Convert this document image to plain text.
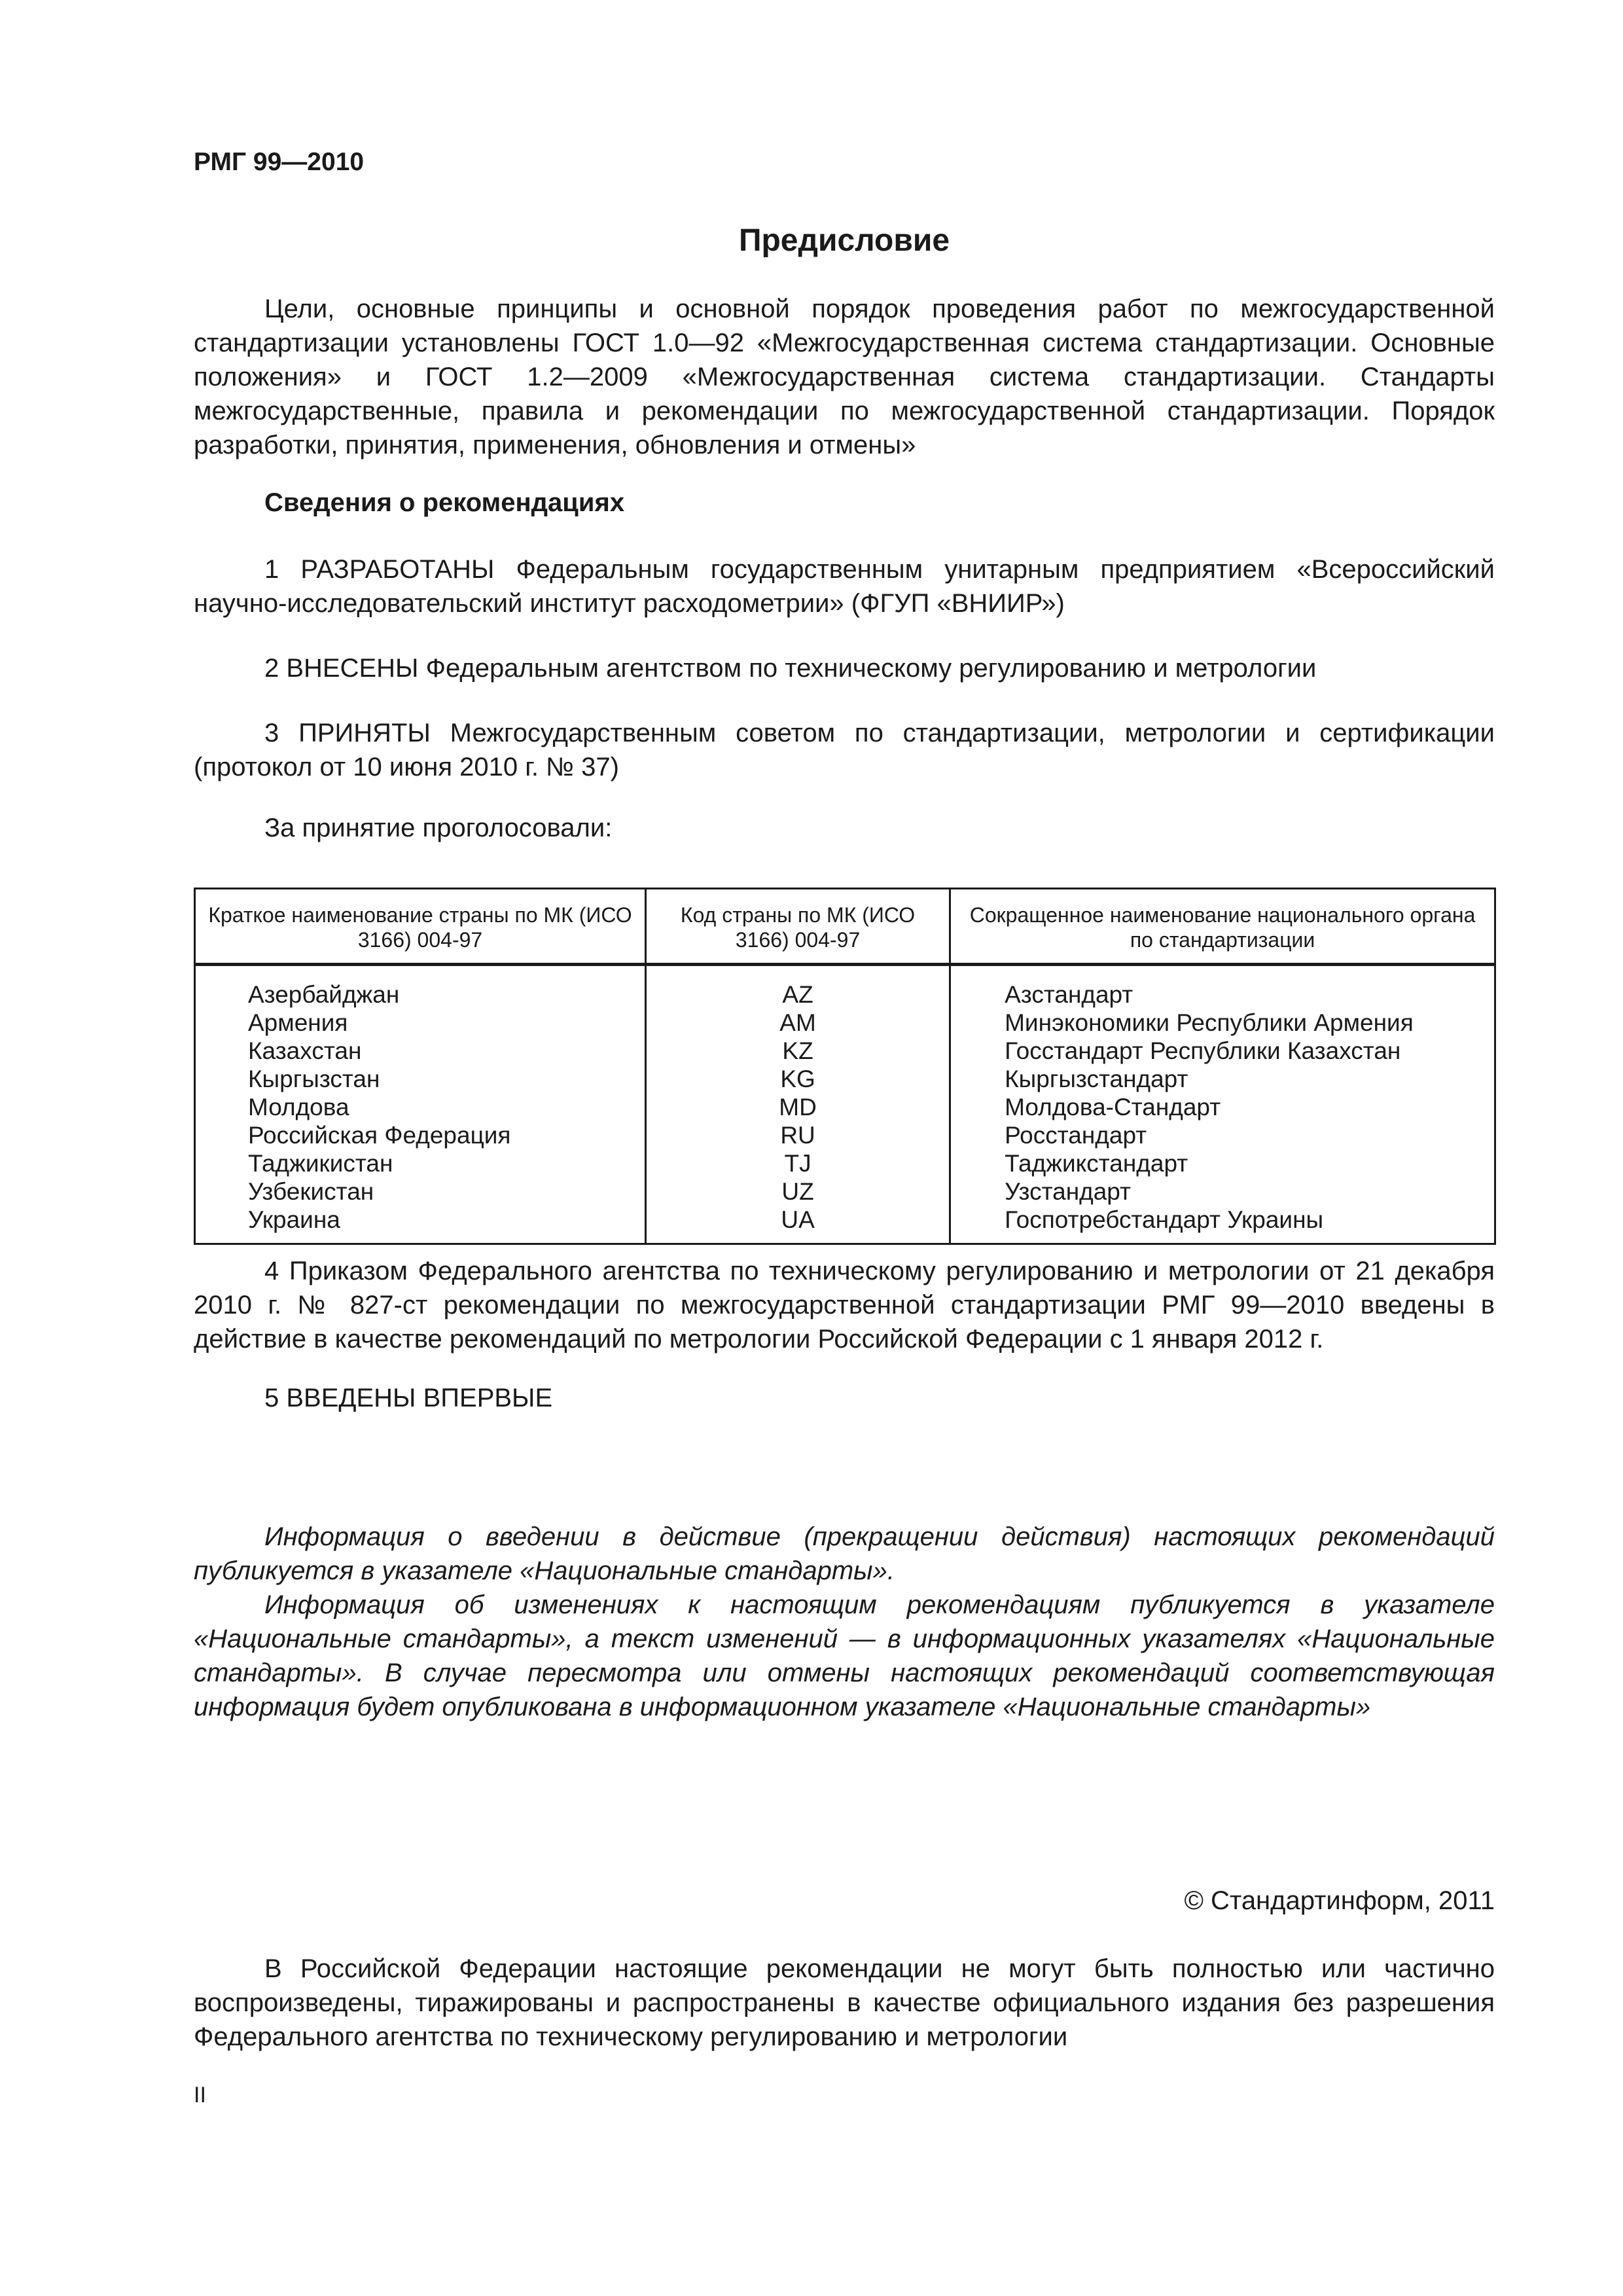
РМГ 99—2010
Предисловие

Цели, основные принципы и основной порядок проведения работ по межгосударственной стандартизации установлены ГОСТ 1.0—92 «Межгосударственная система стандартизации. Основные положения» и ГОСТ 1.2—2009 «Межгосударственная система стандартизации. Стандарты межгосударственные, правила и рекомендации по межгосударственной стандартизации. Порядок разработки, принятия, применения, обновления и отмены»

Сведения о рекомендациях

1 РАЗРАБОТАНЫ Федеральным государственным унитарным предприятием «Всероссийский научно-исследовательский институт расходометрии» (ФГУП «ВНИИР»)

2 ВНЕСЕНЫ Федеральным агентством по техническому регулированию и метрологии

3 ПРИНЯТЫ Межгосударственным советом по стандартизации, метрологии и сертификации (протокол от 10 июня 2010 г. № 37)

За принятие проголосовали:
Краткое наименование страны по МК (ИСО 3166) 004-97	Код страны по МК (ИСО 3166) 004-97	Сокращенное наименование национального органа по стандартизации
Азербайджан	AZ	Азстандарт
Армения	AM	Минэкономики Республики Армения
Казахстан	KZ	Госстандарт Республики Казахстан
Кыргызстан	KG	Кыргызстандарт
Молдова	MD	Молдова-Стандарт
Российская Федерация	RU	Росстандарт
Таджикистан	TJ	Таджикстандарт
Узбекистан	UZ	Узстандарт
Украина	UA	Госпотребстандарт Украины

4 Приказом Федерального агентства по техническому регулированию и метрологии от 21 декабря 2010 г. № 827-ст рекомендации по межгосударственной стандартизации РМГ 99—2010 введены в действие в качестве рекомендаций по метрологии Российской Федерации с 1 января 2012 г.

5 ВВЕДЕНЫ ВПЕРВЫЕ

Информация о введении в действие (прекращении действия) настоящих рекомендаций публикуется в указателе «Национальные стандарты».

Информация об изменениях к настоящим рекомендациям публикуется в указателе «Национальные стандарты», а текст изменений — в информационных указателях «Национальные стандарты». В случае пересмотра или отмены настоящих рекомендаций соответствующая информация будет опубликована в информационном указателе «Национальные стандарты»

© Стандартинформ, 2011

В Российской Федерации настоящие рекомендации не могут быть полностью или частично воспроизведены, тиражированы и распространены в качестве официального издания без разрешения Федерального агентства по техническому регулированию и метрологии

II
